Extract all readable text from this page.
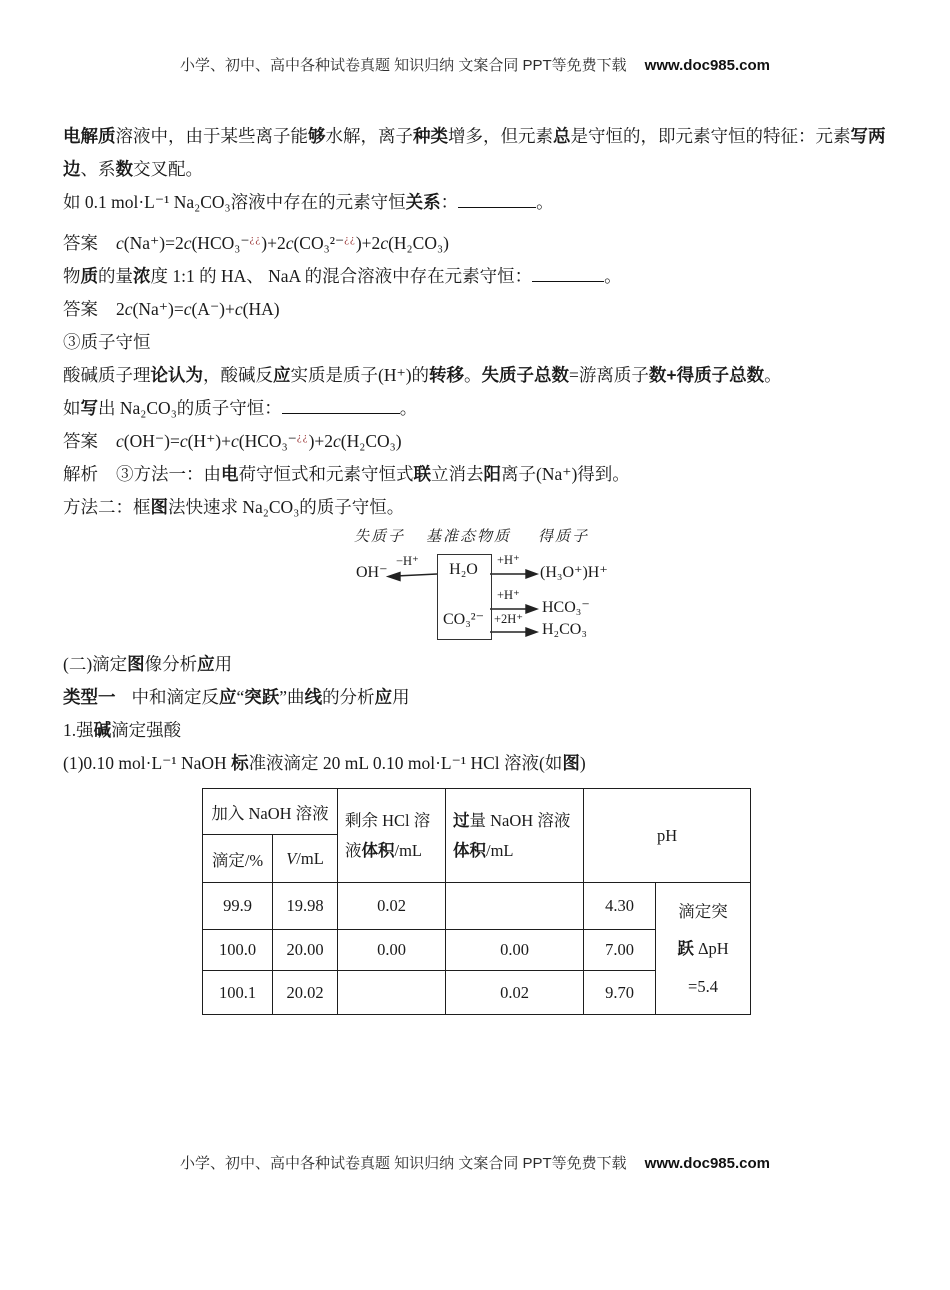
小学、初中、高中各种试卷真题 知识归纳 文案合同 PPT等免费下载 www.doc985.com

电解质溶液中，由于某些离子能够水解，离子种类增多，但元素总是守恒的，即元素守恒的特征：元素写两边、系数交叉配。

如 0.1 mol·L⁻¹ Na₂CO₃溶液中存在的元素守恒关系：	。

答案 c(Na⁺)=2c(HCO₃⁻¿¿)+2c(CO₃²⁻¿¿)+2c(H₂CO₃)

物质的量浓度 1:1 的 HA、 NaA 的混合溶液中存在元素守恒：	。

答案 2c(Na⁺)=c(A⁻)+c(HA)

③质子守恒

酸碱质子理论认为，酸碱反应实质是质子(H⁺)的转移。失质子总数=游离质子数+得质子总数。

如写出 Na₂CO₃的质子守恒：	。

答案 c(OH⁻)=c(H⁺)+c(HCO₃⁻¿¿)+2c(H₂CO₃)

解析 ③方法一：由电荷守恒式和元素守恒式联立消去阳离子(Na⁺)得到。

方法二：框图法快速求 Na₂CO₃的质子守恒。

(二)滴定图像分析应用

类型一 中和滴定反应“突跃”曲线的分析应用

1.强碱滴定强酸

(1)0.10 mol·L⁻¹ NaOH 标准液滴定 20 mL 0.10 mol·L⁻¹ HCl 溶液(如图)

加入 NaOH 溶液		剩余 HCl 溶液体积/mL	过量 NaOH 溶液体积/mL	pH	
滴定/%	V/mL				
99.9	19.98	0.02		4.30	滴定突
跃 ΔpH
=5.4
100.0	20.00	0.00	0.00	7.00	
100.1	20.02		0.02	9.70	
失质子 基准态物质 得质子
H₂O
CO₃²⁻
OH⁻
−H⁺	+H⁺
(H₃O⁺)H⁺
+H⁺
HCO₃⁻
+2H⁺
H₂CO₃
小学、初中、高中各种试卷真题 知识归纳 文案合同 PPT等免费下载 www.doc985.com
